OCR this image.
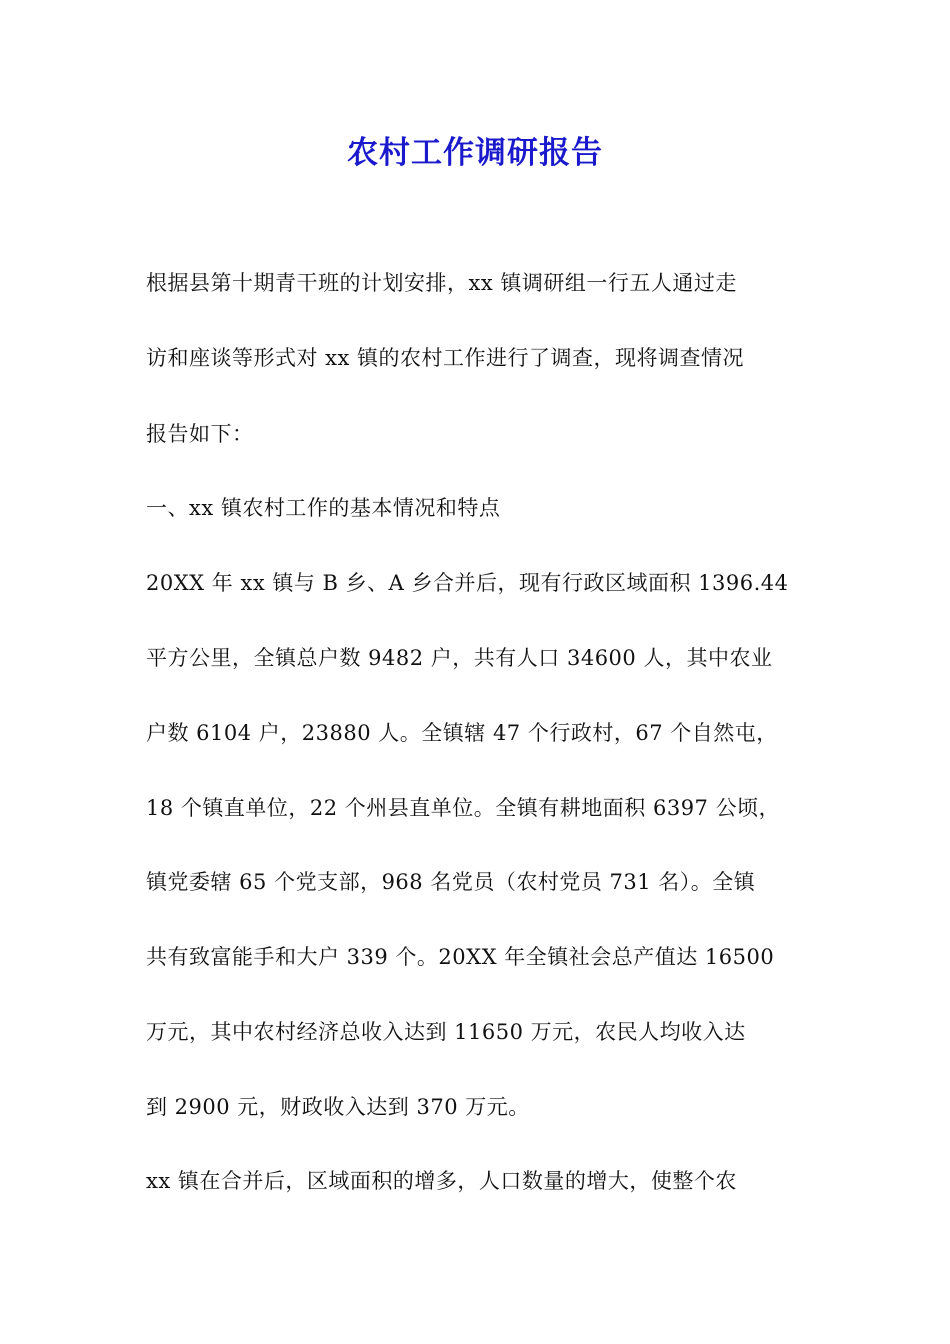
农村工作调研报告
根据县第十期青干班的计划安排，xx 镇调研组一行五人通过走
访和座谈等形式对 xx 镇的农村工作进行了调查，现将调查情况
报告如下：
一、xx 镇农村工作的基本情况和特点
20XX 年 xx 镇与 B 乡、A 乡合并后，现有行政区域面积 1396.44
平方公里，全镇总户数 9482 户，共有人口 34600 人，其中农业
户数 6104 户，23880 人。全镇辖 47 个行政村，67 个自然屯，
18 个镇直单位，22 个州县直单位。全镇有耕地面积 6397 公顷，
镇党委辖 65 个党支部，968 名党员（农村党员 731 名）。全镇
共有致富能手和大户 339 个。20XX 年全镇社会总产值达 16500
万元，其中农村经济总收入达到 11650 万元，农民人均收入达
到 2900 元，财政收入达到 370 万元。
xx 镇在合并后，区域面积的增多，人口数量的增大，使整个农
